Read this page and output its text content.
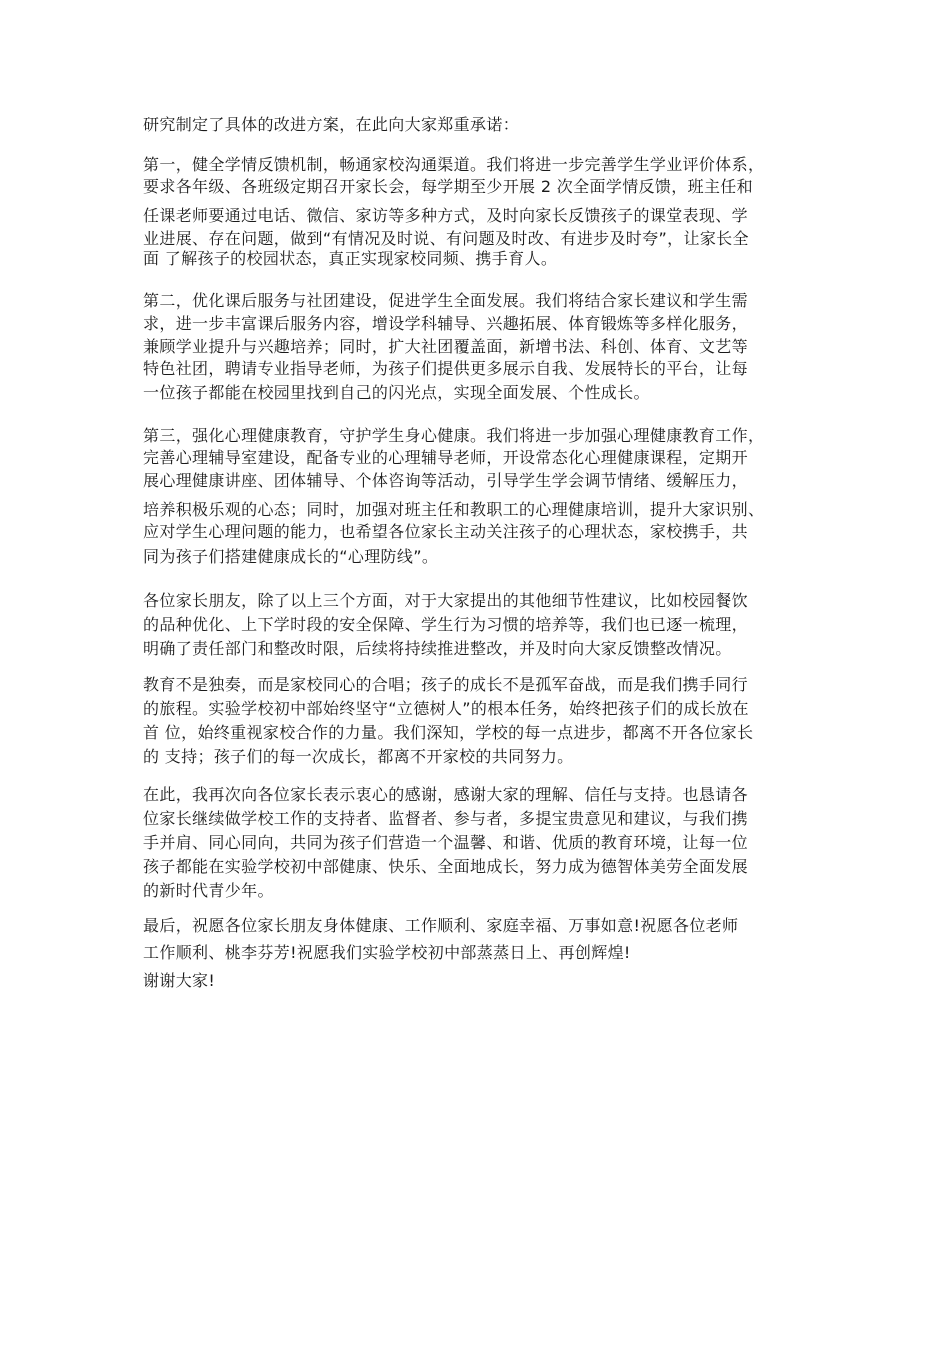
研究制定了具体的改进方案，在此向大家郑重承诺：
第一，健全学情反馈机制，畅通家校沟通渠道。我们将进一步完善学生学业评价体系，
要求各年级、各班级定期召开家长会，每学期至少开展 2 次全面学情反馈，班主任和
任课老师要通过电话、微信、家访等多种方式，及时向家长反馈孩子的课堂表现、学
业进展、存在问题，做到“有情况及时说、有问题及时改、有进步及时夸”，让家长全
面 了解孩子的校园状态，真正实现家校同频、携手育人。
第二，优化课后服务与社团建设，促进学生全面发展。我们将结合家长建议和学生需
求，进一步丰富课后服务内容，增设学科辅导、兴趣拓展、体育锻炼等多样化服务，
兼顾学业提升与兴趣培养；同时，扩大社团覆盖面，新增书法、科创、体育、文艺等
特色社团，聘请专业指导老师，为孩子们提供更多展示自我、发展特长的平台，让每
一位孩子都能在校园里找到自己的闪光点，实现全面发展、个性成长。
第三，强化心理健康教育，守护学生身心健康。我们将进一步加强心理健康教育工作，
完善心理辅导室建设，配备专业的心理辅导老师，开设常态化心理健康课程，定期开
展心理健康讲座、团体辅导、个体咨询等活动，引导学生学会调节情绪、缓解压力，
培养积极乐观的心态；同时，加强对班主任和教职工的心理健康培训，提升大家识别、
应对学生心理问题的能力，也希望各位家长主动关注孩子的心理状态，家校携手，共
同为孩子们搭建健康成长的“心理防线”。
各位家长朋友，除了以上三个方面，对于大家提出的其他细节性建议，比如校园餐饮
的品种优化、上下学时段的安全保障、学生行为习惯的培养等，我们也已逐一梳理，
明确了责任部门和整改时限，后续将持续推进整改，并及时向大家反馈整改情况。
教育不是独奏，而是家校同心的合唱；孩子的成长不是孤军奋战，而是我们携手同行
的旅程。实验学校初中部始终坚守“立德树人”的根本任务，始终把孩子们的成长放在
首 位，始终重视家校合作的力量。我们深知，学校的每一点进步，都离不开各位家长
的 支持；孩子们的每一次成长，都离不开家校的共同努力。
在此，我再次向各位家长表示衷心的感谢，感谢大家的理解、信任与支持。也恳请各
位家长继续做学校工作的支持者、监督者、参与者，多提宝贵意见和建议，与我们携
手并肩、同心同向，共同为孩子们营造一个温馨、和谐、优质的教育环境，让每一位
孩子都能在实验学校初中部健康、快乐、全面地成长，努力成为德智体美劳全面发展
的新时代青少年。
最后，祝愿各位家长朋友身体健康、工作顺利、家庭幸福、万事如意!祝愿各位老师
工作顺利、桃李芬芳!祝愿我们实验学校初中部蒸蒸日上、再创辉煌!
谢谢大家!
